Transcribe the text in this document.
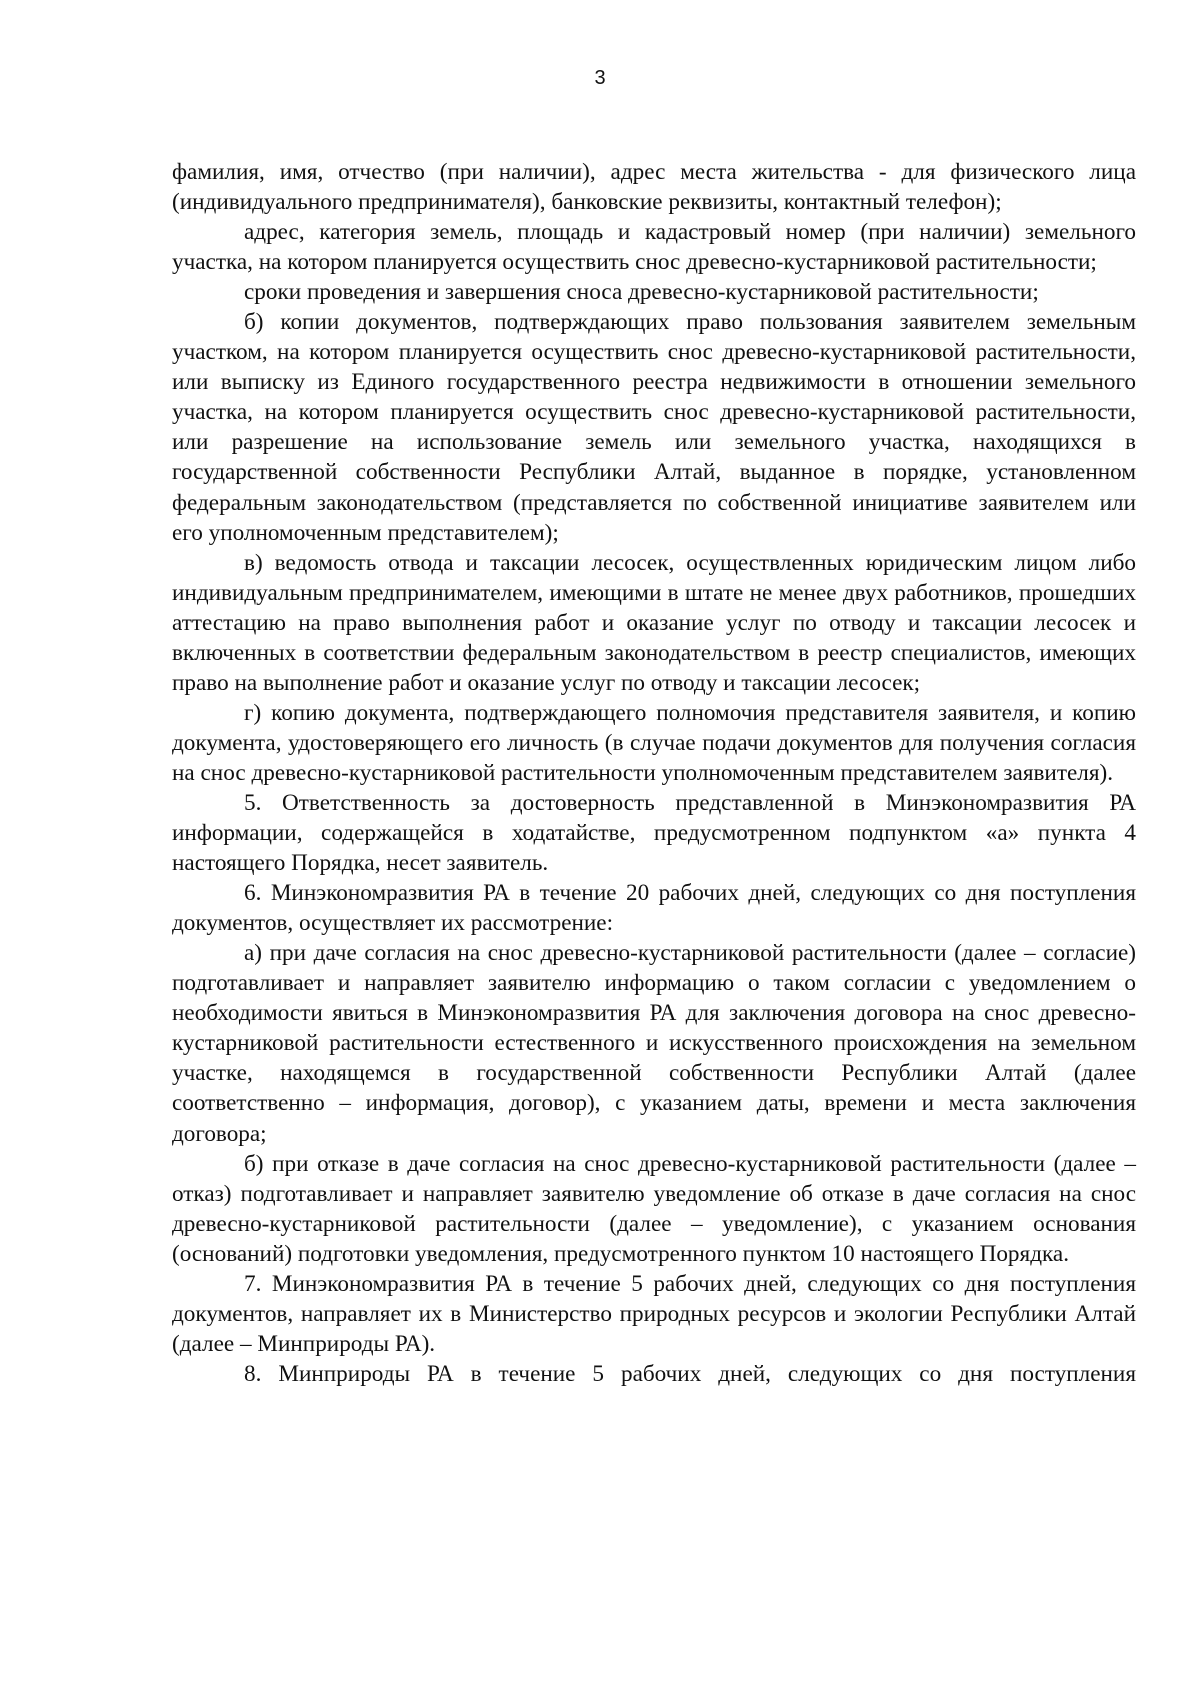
3

фамилия, имя, отчество (при наличии), адрес места жительства - для физического лица (индивидуального предпринимателя), банковские реквизиты, контактный телефон);

адрес, категория земель, площадь и кадастровый номер (при наличии) земельного участка, на котором планируется осуществить снос древесно-кустарниковой растительности;

сроки проведения и завершения сноса древесно-кустарниковой растительности;

б) копии документов, подтверждающих право пользования заявителем земельным участком, на котором планируется осуществить снос древесно-кустарниковой растительности, или выписку из Единого государственного реестра недвижимости в отношении земельного участка, на котором планируется осуществить снос древесно-кустарниковой растительности, или разрешение на использование земель или земельного участка, находящихся в государственной собственности Республики Алтай, выданное в порядке, установленном федеральным законодательством (представляется по собственной инициативе заявителем или его уполномоченным представителем);

в) ведомость отвода и таксации лесосек, осуществленных юридическим лицом либо индивидуальным предпринимателем, имеющими в штате не менее двух работников, прошедших аттестацию на право выполнения работ и оказание услуг по отводу и таксации лесосек и включенных в соответствии федеральным законодательством в реестр специалистов, имеющих право на выполнение работ и оказание услуг по отводу и таксации лесосек;

г) копию документа, подтверждающего полномочия представителя заявителя, и копию документа, удостоверяющего его личность (в случае подачи документов для получения согласия на снос древесно-кустарниковой растительности уполномоченным представителем заявителя).

5. Ответственность за достоверность представленной в Минэкономразвития РА информации, содержащейся в ходатайстве, предусмотренном подпунктом «а» пункта 4 настоящего Порядка, несет заявитель.

6. Минэкономразвития РА в течение 20 рабочих дней, следующих со дня поступления документов, осуществляет их рассмотрение:

а) при даче согласия на снос древесно-кустарниковой растительности (далее – согласие) подготавливает и направляет заявителю информацию о таком согласии с уведомлением о необходимости явиться в Минэкономразвития РА для заключения договора на снос древесно-кустарниковой растительности естественного и искусственного происхождения на земельном участке, находящемся в государственной собственности Республики Алтай (далее соответственно – информация, договор), с указанием даты, времени и места заключения договора;

б) при отказе в даче согласия на снос древесно-кустарниковой растительности (далее – отказ) подготавливает и направляет заявителю уведомление об отказе в даче согласия на снос древесно-кустарниковой растительности (далее – уведомление), с указанием основания (оснований) подготовки уведомления, предусмотренного пунктом 10 настоящего Порядка.

7. Минэкономразвития РА в течение 5 рабочих дней, следующих со дня поступления документов, направляет их в Министерство природных ресурсов и экологии Республики Алтай (далее – Минприроды РА).

8. Минприроды РА в течение 5 рабочих дней, следующих со дня поступления
